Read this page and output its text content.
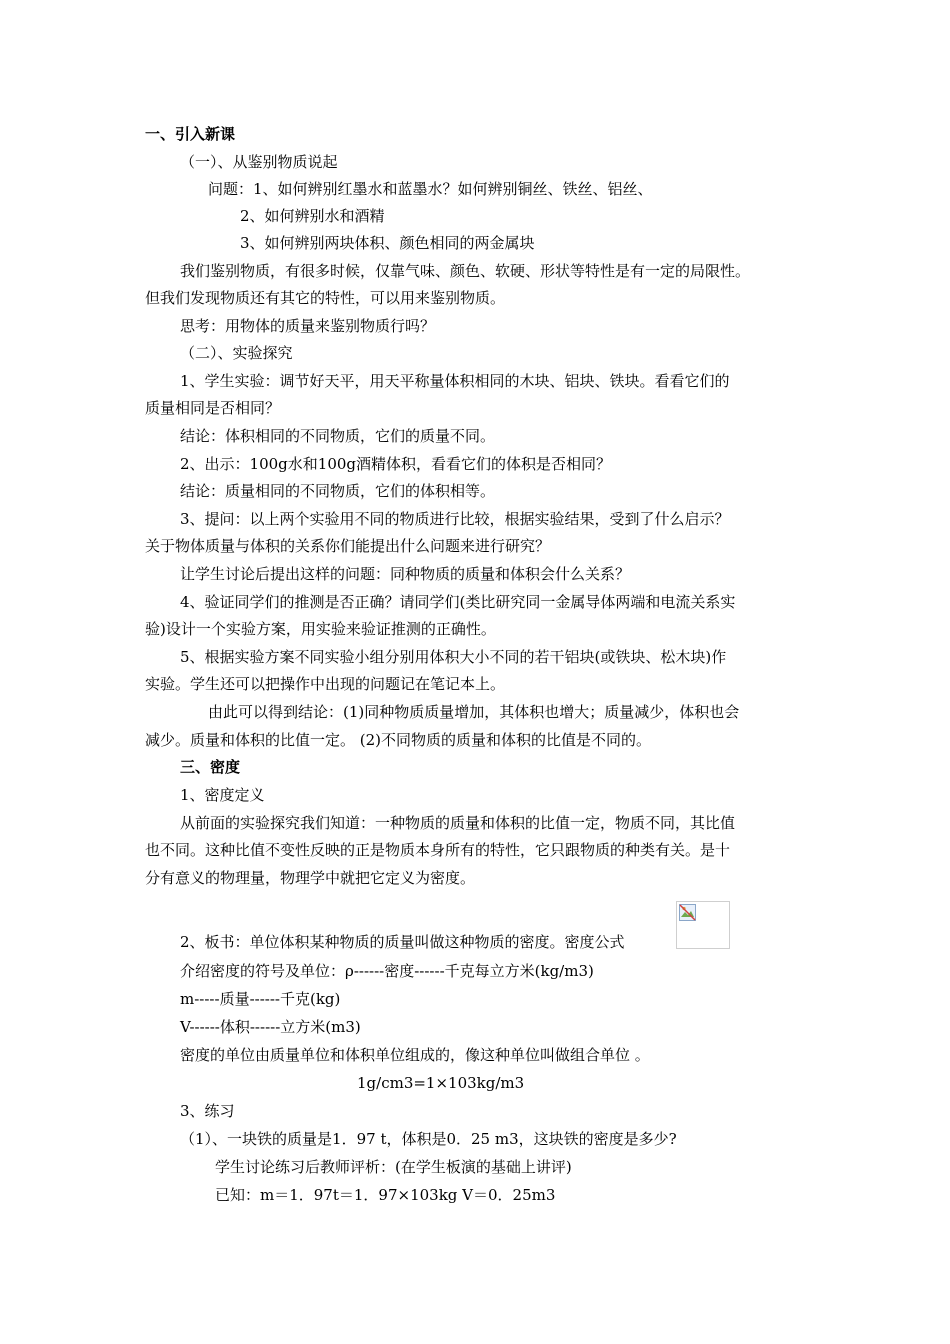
一、引入新课
（一）、从鉴别物质说起
问题：1、如何辨别红墨水和蓝墨水？如何辨别铜丝、铁丝、铝丝、
2、如何辨别水和酒精
3、如何辨别两块体积、颜色相同的两金属块
我们鉴别物质，有很多时候，仅靠气味、颜色、软硬、形状等特性是有一定的局限性。
但我们发现物质还有其它的特性，可以用来鉴别物质。
思考：用物体的质量来鉴别物质行吗？
（二）、实验探究
1、学生实验：调节好天平，用天平称量体积相同的木块、铝块、铁块。看看它们的
质量相同是否相同？
结论：体积相同的不同物质，它们的质量不同。
2、出示：100g水和100g酒精体积，看看它们的体积是否相同？
结论：质量相同的不同物质，它们的体积相等。
3、提问：以上两个实验用不同的物质进行比较，根据实验结果，受到了什么启示？
关于物体质量与体积的关系你们能提出什么问题来进行研究？
让学生讨论后提出这样的问题：同种物质的质量和体积会什么关系？
4、验证同学们的推测是否正确？请同学们(类比研究同一金属导体两端和电流关系实
验)设计一个实验方案，用实验来验证推测的正确性。
5、根据实验方案不同实验小组分别用体积大小不同的若干铝块(或铁块、松木块)作
实验。学生还可以把操作中出现的问题记在笔记本上。
由此可以得到结论：(1)同种物质质量增加，其体积也增大；质量减少，体积也会
减少。质量和体积的比值一定。 (2)不同物质的质量和体积的比值是不同的。
三、密度
1、密度定义
从前面的实验探究我们知道：一种物质的质量和体积的比值一定，物质不同，其比值
也不同。这种比值不变性反映的正是物质本身所有的特性，它只跟物质的种类有关。是十
分有意义的物理量，物理学中就把它定义为密度。
2、板书：单位体积某种物质的质量叫做这种物质的密度。密度公式
介绍密度的符号及单位：ρ------密度------千克每立方米(kg/m3)
m-----质量------千克(kg)
V------体积------立方米(m3)
密度的单位由质量单位和体积单位组成的，像这种单位叫做组合单位 。
1g/cm3=1×103kg/m3
3、练习
（1）、一块铁的质量是1．97 t，体积是0．25 m3，这块铁的密度是多少?
学生讨论练习后教师评析：(在学生板演的基础上讲评)
已知：m＝1．97t＝1．97×103kg V＝0．25m3
